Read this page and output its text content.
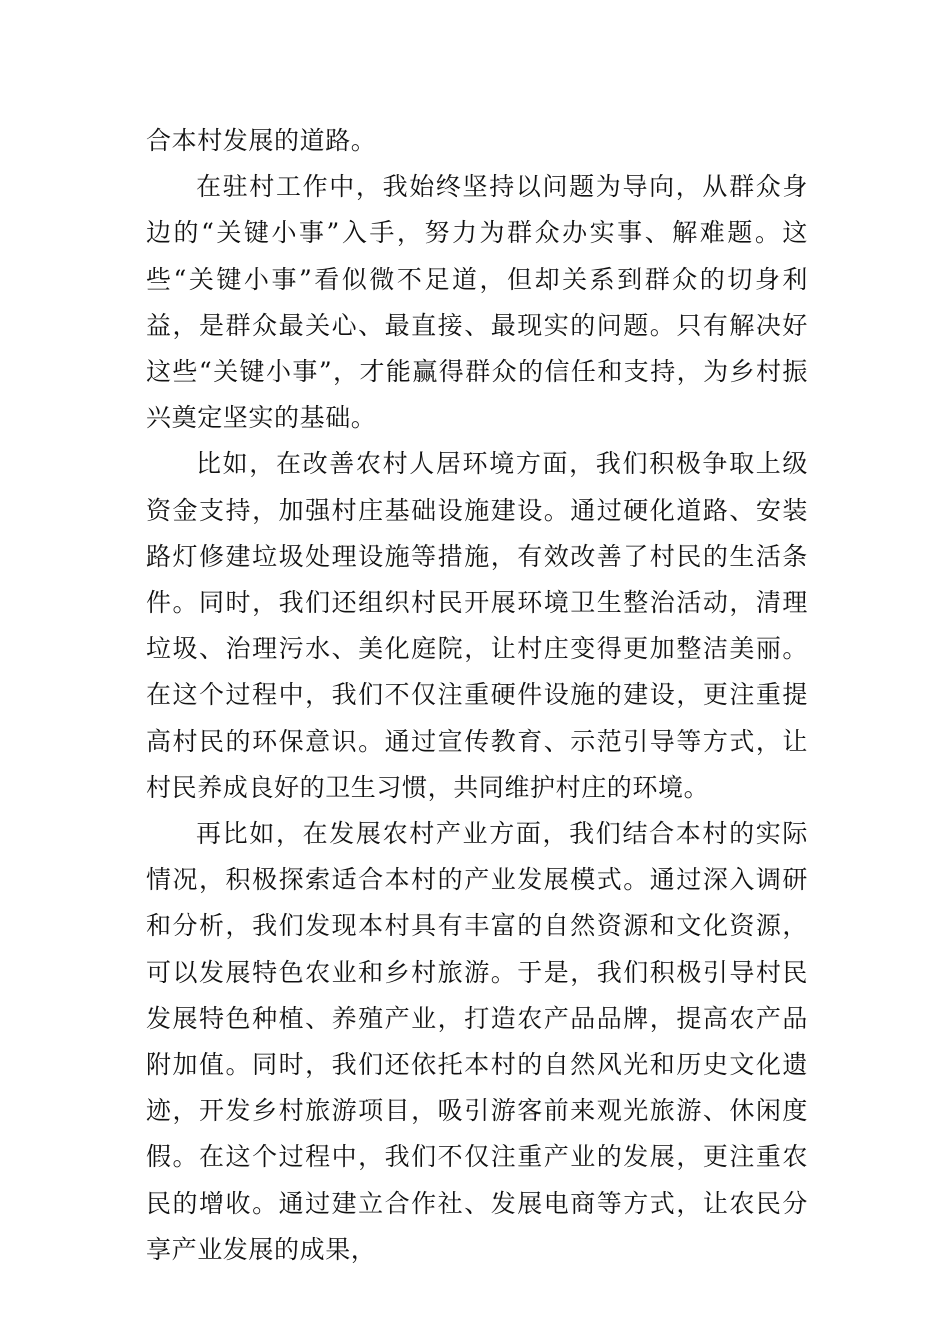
合本村发展的道路。

在驻村工作中，我始终坚持以问题为导向，从群众身边的“关键小事”入手，努力为群众办实事、解难题。这些“关键小事”看似微不足道，但却关系到群众的切身利益，是群众最关心、最直接、最现实的问题。只有解决好这些“关键小事”，才能赢得群众的信任和支持，为乡村振兴奠定坚实的基础。

比如，在改善农村人居环境方面，我们积极争取上级资金支持，加强村庄基础设施建设。通过硬化道路、安装路灯修建垃圾处理设施等措施，有效改善了村民的生活条件。同时，我们还组织村民开展环境卫生整治活动，清理垃圾、治理污水、美化庭院，让村庄变得更加整洁美丽。在这个过程中，我们不仅注重硬件设施的建设，更注重提高村民的环保意识。通过宣传教育、示范引导等方式，让村民养成良好的卫生习惯，共同维护村庄的环境。

再比如，在发展农村产业方面，我们结合本村的实际情况，积极探索适合本村的产业发展模式。通过深入调研和分析，我们发现本村具有丰富的自然资源和文化资源，可以发展特色农业和乡村旅游。于是，我们积极引导村民发展特色种植、养殖产业，打造农产品品牌，提高农产品附加值。同时，我们还依托本村的自然风光和历史文化遗迹，开发乡村旅游项目，吸引游客前来观光旅游、休闲度假。在这个过程中，我们不仅注重产业的发展，更注重农民的增收。通过建立合作社、发展电商等方式，让农民分享产业发展的成果，
